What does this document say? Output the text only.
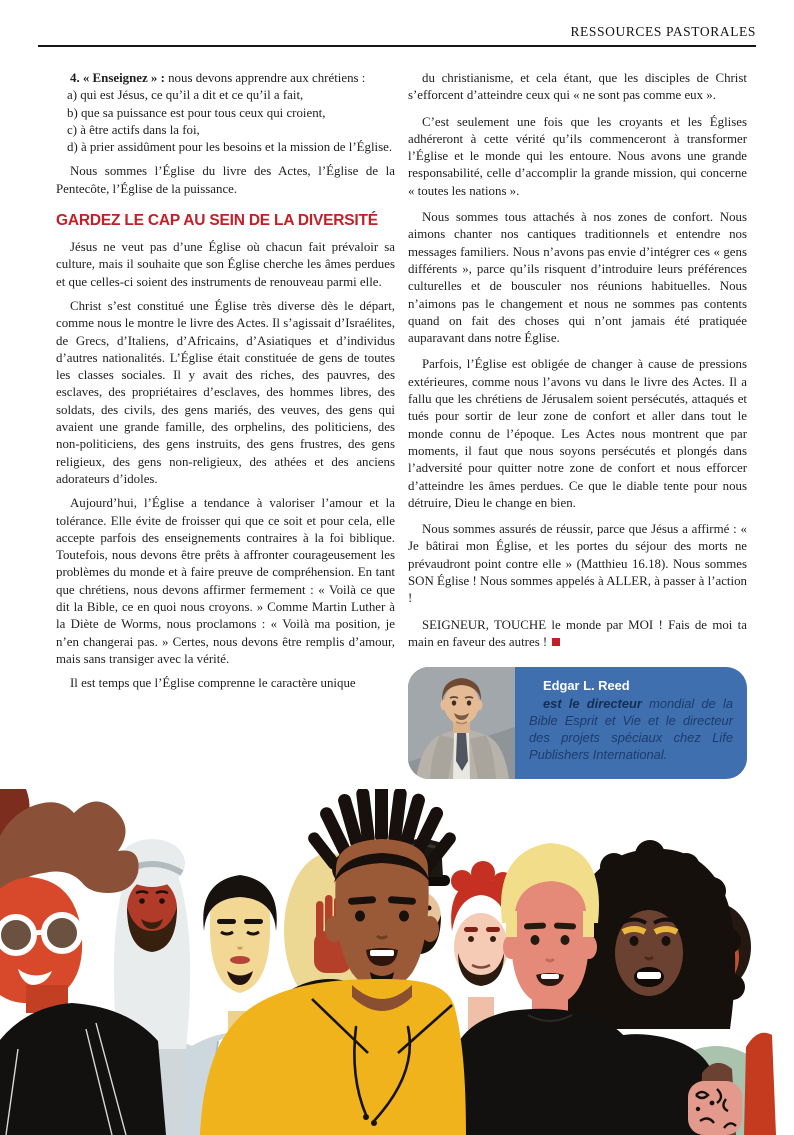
RESSOURCES PASTORALES

4. « Enseignez » : nous devons apprendre aux chrétiens :

a) qui est Jésus, ce qu’il a dit et ce qu’il a fait,

b) que sa puissance est pour tous ceux qui croient,

c) à être actifs dans la foi,

d) à prier assidûment pour les besoins et la mission de l’Église.

Nous sommes l’Église du livre des Actes, l’Église de la Pentecôte, l’Église de la puissance.

GARDEZ LE CAP AU SEIN DE LA DIVERSITÉ

Jésus ne veut pas d’une Église où chacun fait prévaloir sa culture, mais il souhaite que son Église cherche les âmes perdues et que celles-ci soient des instruments de renouveau parmi elle.

Christ s’est constitué une Église très diverse dès le départ, comme nous le montre le livre des Actes. Il s’agissait d’Israélites, de Grecs, d’Italiens, d’Africains, d’Asiatiques et d’individus d’autres nationalités. L’Église était constituée de gens de toutes les classes sociales. Il y avait des riches, des pauvres, des esclaves, des propriétaires d’esclaves, des hommes libres, des soldats, des civils, des gens mariés, des veuves, des gens qui avaient une grande famille, des orphelins, des politiciens, des non-politiciens, des gens instruits, des gens frustres, des gens religieux, des gens non-religieux, des athées et des anciens adorateurs d’idoles.

Aujourd’hui, l’Église a tendance à valoriser l’amour et la tolérance. Elle évite de froisser qui que ce soit et pour cela, elle accepte parfois des enseignements contraires à la foi biblique. Toutefois, nous devons être prêts à affronter courageusement les problèmes du monde et à faire preuve de compréhension. En tant que chrétiens, nous devons affirmer fermement : « Voilà ce que dit la Bible, ce en quoi nous croyons. » Comme Martin Luther à la Diète de Worms, nous proclamons : « Voilà ma position, je n’en changerai pas. » Certes, nous devons être remplis d’amour, mais sans transiger avec la vérité.

Il est temps que l’Église comprenne le caractère unique

du christianisme, et cela étant, que les disciples de Christ s’efforcent d’atteindre ceux qui « ne sont pas comme eux ».

C’est seulement une fois que les croyants et les Églises adhéreront à cette vérité qu’ils commenceront à transformer l’Église et le monde qui les entoure. Nous avons une grande responsabilité, celle d’accomplir la grande mission, qui concerne « toutes les nations ».

Nous sommes tous attachés à nos zones de confort. Nous aimons chanter nos cantiques traditionnels et entendre nos messages familiers. Nous n’avons pas envie d’intégrer ces « gens différents », parce qu’ils risquent d’introduire leurs préférences culturelles et de bousculer nos réunions habituelles. Nous n’aimons pas le changement et nous ne sommes pas contents quand on fait des choses qui n’ont jamais été pratiquée auparavant dans notre Église.

Parfois, l’Église est obligée de changer à cause de pressions extérieures, comme nous l’avons vu dans le livre des Actes. Il a fallu que les chrétiens de Jérusalem soient persécutés, attaqués et tués pour sortir de leur zone de confort et aller dans tout le monde connu de l’époque. Les Actes nous montrent que par moments, il faut que nous soyons persécutés et plongés dans l’adversité pour quitter notre zone de confort et nous efforcer d’atteindre les âmes perdues. Ce que le diable tente pour nous détruire, Dieu le change en bien.

Nous sommes assurés de réussir, parce que Jésus a affirmé : « Je bâtirai mon Église, et les portes du séjour des morts ne prévaudront point contre elle » (Matthieu 16.18). Nous sommes SON Église ! Nous sommes appelés à ALLER, à passer à l’action !

SEIGNEUR, TOUCHE le monde par MOI ! Fais de moi ta main en faveur des autres !

Edgar L. Reed

est le directeur mondial de la Bible Esprit et Vie et le directeur des projets spéciaux chez Life Publishers International.
